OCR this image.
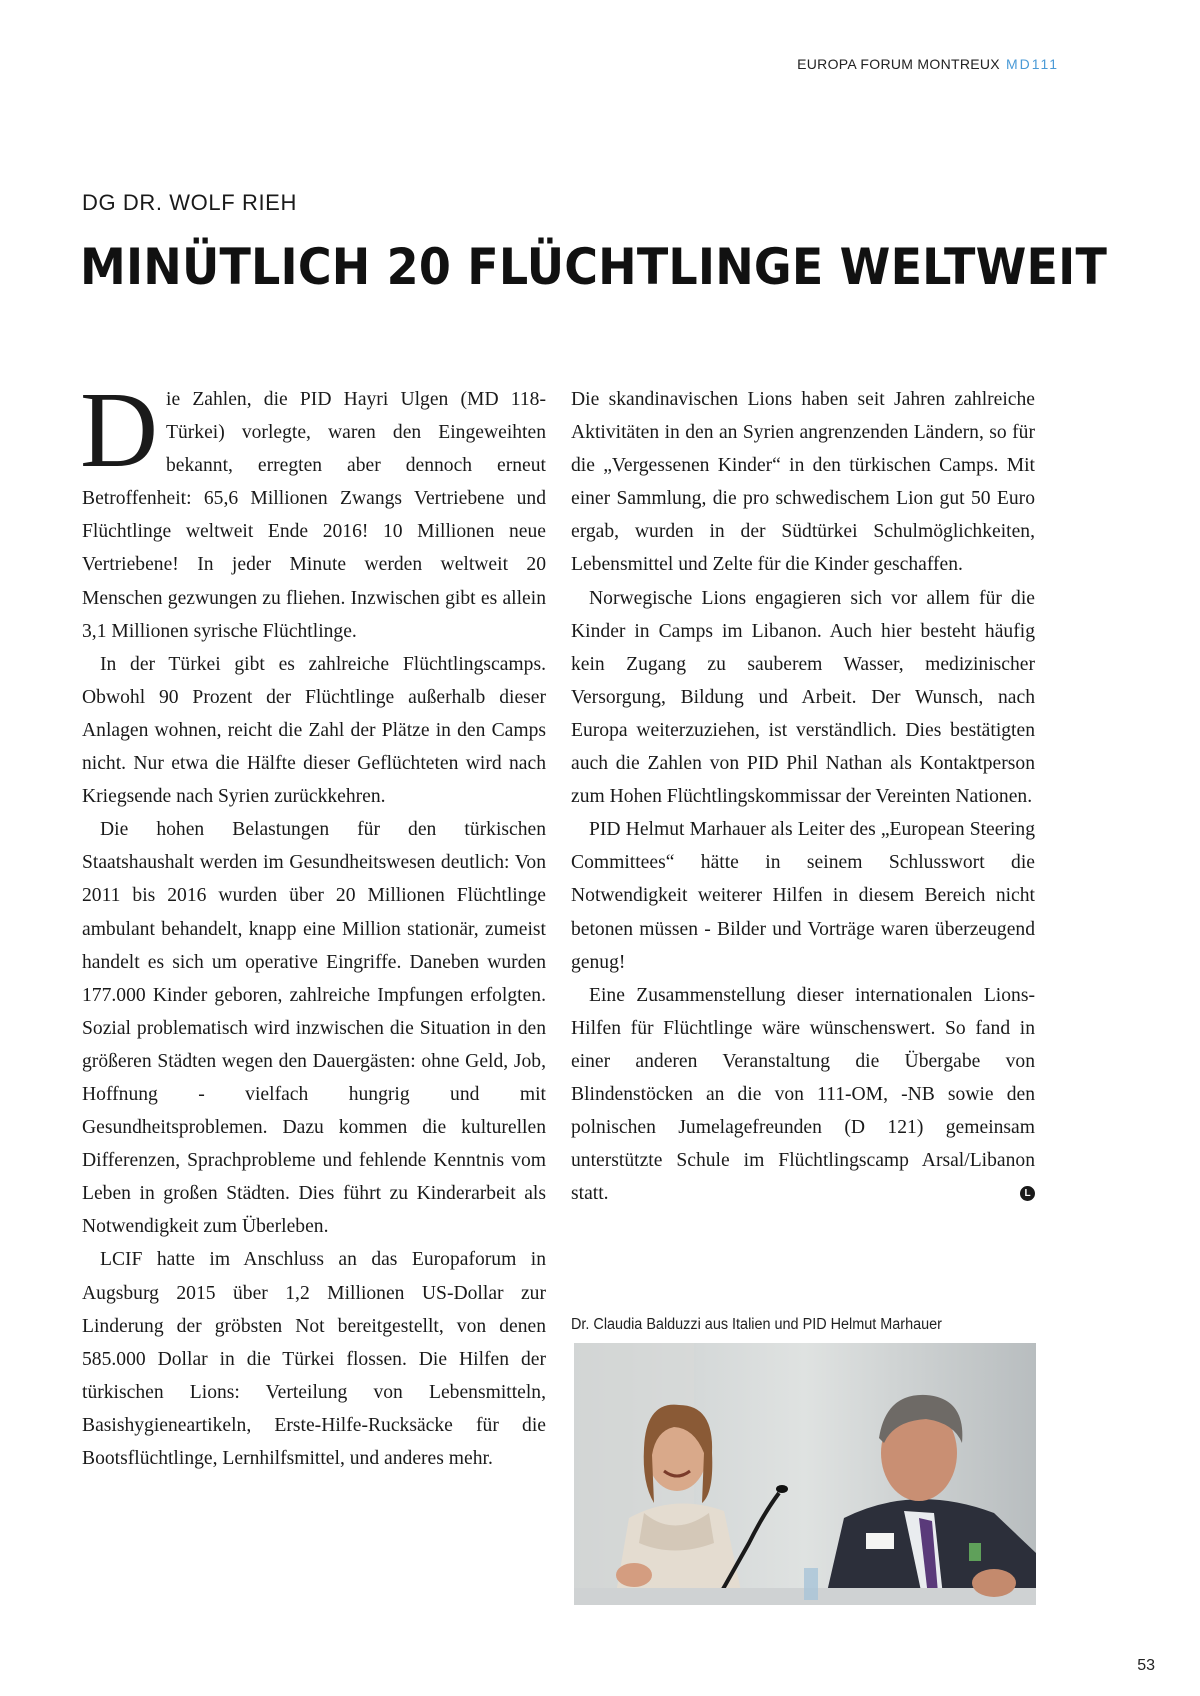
EUROPA FORUM MONTREUX MD111
DG DR. WOLF RIEH
MINÜTLICH 20 FLÜCHTLINGE WELTWEIT

Die Zahlen, die PID Hayri Ulgen (MD 118-Türkei) vorlegte, waren den Eingeweihten bekannt, erregten aber dennoch erneut Betroffenheit: 65,6 Millionen Zwangs Vertriebene und Flüchtlinge weltweit Ende 2016! 10 Millionen neue Vertriebene! In jeder Minute werden weltweit 20 Menschen gezwungen zu fliehen. Inzwischen gibt es allein 3,1 Millionen syrische Flüchtlinge.

In der Türkei gibt es zahlreiche Flüchtlingscamps. Obwohl 90 Prozent der Flüchtlinge außerhalb dieser Anlagen wohnen, reicht die Zahl der Plätze in den Camps nicht. Nur etwa die Hälfte dieser Geflüchteten wird nach Kriegsende nach Syrien zurückkehren.

Die hohen Belastungen für den türkischen Staatshaushalt werden im Gesundheitswesen deutlich: Von 2011 bis 2016 wurden über 20 Millionen Flüchtlinge ambulant behandelt, knapp eine Million stationär, zumeist handelt es sich um operative Eingriffe. Daneben wurden 177.000 Kinder geboren, zahlreiche Impfungen erfolgten. Sozial problematisch wird inzwischen die Situation in den größeren Städten wegen den Dauergästen: ohne Geld, Job, Hoffnung - vielfach hungrig und mit Gesundheitsproblemen. Dazu kommen die kulturellen Differenzen, Sprachprobleme und fehlende Kenntnis vom Leben in großen Städten. Dies führt zu Kinderarbeit als Notwendigkeit zum Überleben.

LCIF hatte im Anschluss an das Europaforum in Augsburg 2015 über 1,2 Millionen US-Dollar zur Linderung der gröbsten Not bereitgestellt, von denen 585.000 Dollar in die Türkei flossen. Die Hilfen der türkischen Lions: Verteilung von Lebensmitteln, Basishygieneartikeln, Erste-Hilfe-Rucksäcke für die Bootsflüchtlinge, Lernhilfsmittel, und anderes mehr.

Die skandinavischen Lions haben seit Jahren zahlreiche Aktivitäten in den an Syrien angrenzenden Ländern, so für die „Vergessenen Kinder“ in den türkischen Camps. Mit einer Sammlung, die pro schwedischem Lion gut 50 Euro ergab, wurden in der Südtürkei Schulmöglichkeiten, Lebensmittel und Zelte für die Kinder geschaffen.

Norwegische Lions engagieren sich vor allem für die Kinder in Camps im Libanon. Auch hier besteht häufig kein Zugang zu sauberem Wasser, medizinischer Versorgung, Bildung und Arbeit. Der Wunsch, nach Europa weiterzuziehen, ist verständlich. Dies bestätigten auch die Zahlen von PID Phil Nathan als Kontaktperson zum Hohen Flüchtlingskommissar der Vereinten Nationen.

PID Helmut Marhauer als Leiter des „European Steering Committees“ hätte in seinem Schlusswort die Notwendigkeit weiterer Hilfen in diesem Bereich nicht betonen müssen - Bilder und Vorträge waren überzeugend genug!

Eine Zusammenstellung dieser internationalen Lions-Hilfen für Flüchtlinge wäre wünschenswert. So fand in einer anderen Veranstaltung die Übergabe von Blindenstöcken an die von 111-OM, -NB sowie den polnischen Jumelagefreunden (D 121) gemeinsam unterstützte Schule im Flüchtlingscamp Arsal/Libanon statt.	L

Dr. Claudia Balduzzi aus Italien und PID Helmut Marhauer
53
